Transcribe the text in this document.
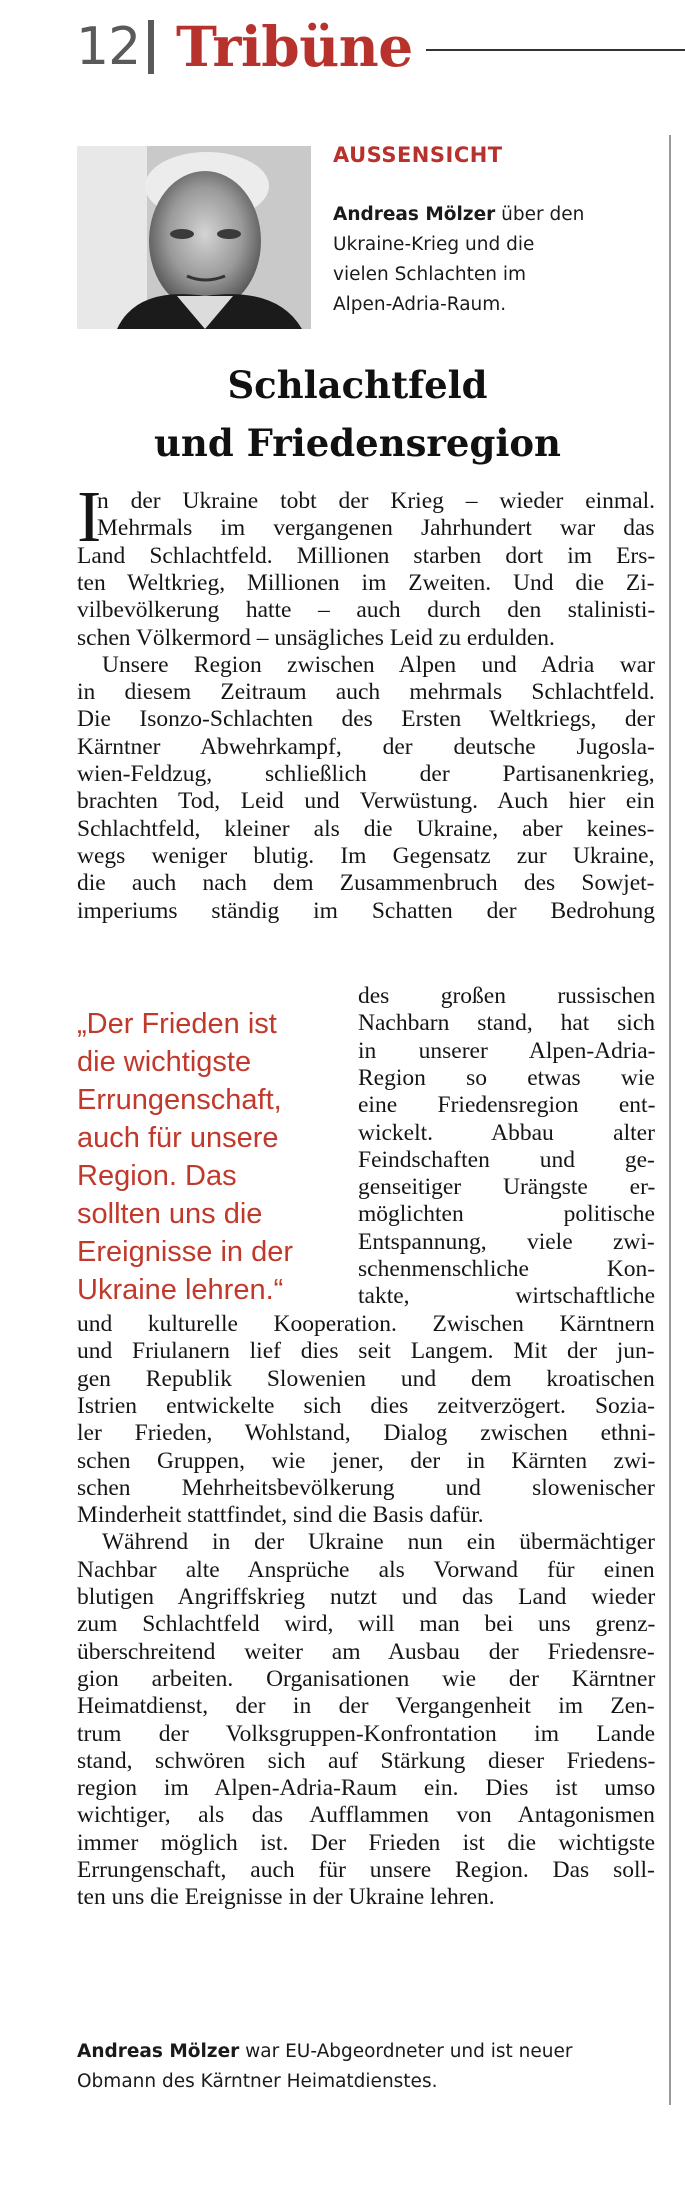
12 Tribüne
AUSSENSICHT
Andreas Mölzer über den
Ukraine-Krieg und die
vielen Schlachten im
Alpen-Adria-Raum.
Schlachtfeld
und Friedensregion
I
n der Ukraine tobt der Krieg – wieder einmal.
Mehrmals im vergangenen Jahrhundert war das
Land Schlachtfeld. Millionen starben dort im Ers-
ten Weltkrieg, Millionen im Zweiten. Und die Zi-
vilbevölkerung hatte – auch durch den stalinisti-
schen Völkermord – unsägliches Leid zu erdulden.
Unsere Region zwischen Alpen und Adria war
in diesem Zeitraum auch mehrmals Schlachtfeld.
Die Isonzo-Schlachten des Ersten Weltkriegs, der
Kärntner Abwehrkampf, der deutsche Jugosla-
wien-Feldzug, schließlich der Partisanenkrieg,
brachten Tod, Leid und Verwüstung. Auch hier ein
Schlachtfeld, kleiner als die Ukraine, aber keines-
wegs weniger blutig. Im Gegensatz zur Ukraine,
die auch nach dem Zusammenbruch des Sowjet-
imperiums ständig im Schatten der Bedrohung
des großen russischen
Nachbarn stand, hat sich
in unserer Alpen-Adria-
Region so etwas wie
eine Friedensregion ent-
wickelt. Abbau alter
Feindschaften und ge-
genseitiger Urängste er-
möglichten politische
Entspannung, viele zwi-
schenmenschliche Kon-
takte, wirtschaftliche
und kulturelle Kooperation. Zwischen Kärntnern
und Friulanern lief dies seit Langem. Mit der jun-
gen Republik Slowenien und dem kroatischen
Istrien entwickelte sich dies zeitverzögert. Sozia-
ler Frieden, Wohlstand, Dialog zwischen ethni-
schen Gruppen, wie jener, der in Kärnten zwi-
schen Mehrheitsbevölkerung und slowenischer
Minderheit stattfindet, sind die Basis dafür.
Während in der Ukraine nun ein übermächtiger
Nachbar alte Ansprüche als Vorwand für einen
blutigen Angriffskrieg nutzt und das Land wieder
zum Schlachtfeld wird, will man bei uns grenz-
überschreitend weiter am Ausbau der Friedensre-
gion arbeiten. Organisationen wie der Kärntner
Heimatdienst, der in der Vergangenheit im Zen-
trum der Volksgruppen-Konfrontation im Lande
stand, schwören sich auf Stärkung dieser Friedens-
region im Alpen-Adria-Raum ein. Dies ist umso
wichtiger, als das Aufflammen von Antagonismen
immer möglich ist. Der Frieden ist die wichtigste
Errungenschaft, auch für unsere Region. Das soll-
ten uns die Ereignisse in der Ukraine lehren.
„Der Frieden ist
die wichtigste
Errungenschaft,
auch für unsere
Region. Das
sollten uns die
Ereignisse in der
Ukraine lehren.“
Andreas Mölzer war EU-Abgeordneter und ist neuer
Obmann des Kärntner Heimatdienstes.
